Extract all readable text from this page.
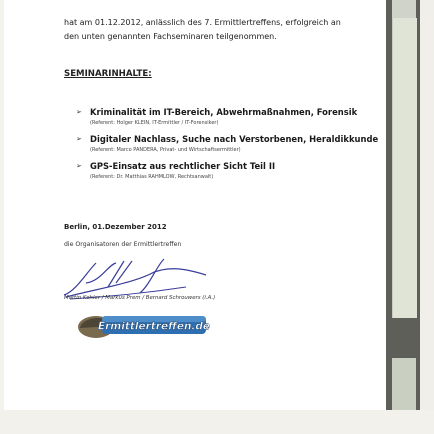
hat am 01.12.2012, anlässlich des 7. Ermittlertreffens, erfolgreich an
den unten genannten Fachseminaren teilgenommen.
SEMINARINHALTE:
➢ Kriminalität im IT-Bereich, Abwehrmaßnahmen, Forensik
(Referent: Holger KLEIN, IT-Ermittler / IT-Forensiker)
➢ Digitaler Nachlass, Suche nach Verstorbenen, Heraldikkunde
(Referent: Marco PANDERA, Privat- und Wirtschaftsermittler)
➢ GPS-Einsatz aus rechtlicher Sicht Teil II
(Referent: Dr. Matthias RAHMLOW, Rechtsanwalt)
Berlin, 01.Dezember 2012
die Organisatoren der Ermittlertreffen
Martin Kohler / Markus Prem / Bernard Schrouwers (i.A.)
Ermittlertreffen.de
